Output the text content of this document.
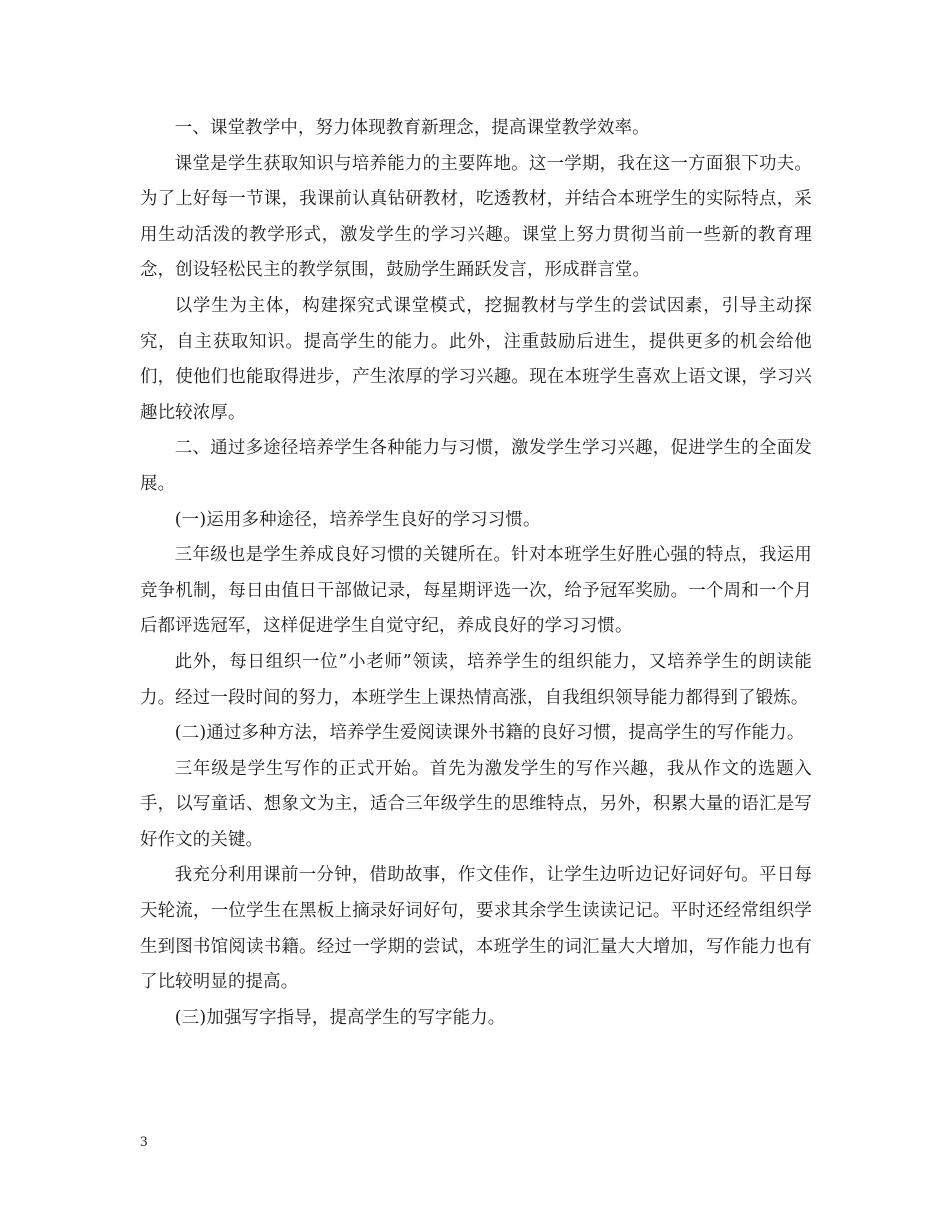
一、课堂教学中，努力体现教育新理念，提高课堂教学效率。

课堂是学生获取知识与培养能力的主要阵地。这一学期，我在这一方面狠下功夫。为了上好每一节课，我课前认真钻研教材，吃透教材，并结合本班学生的实际特点，采用生动活泼的教学形式，激发学生的学习兴趣。课堂上努力贯彻当前一些新的教育理念，创设轻松民主的教学氛围，鼓励学生踊跃发言，形成群言堂。

以学生为主体，构建探究式课堂模式，挖掘教材与学生的尝试因素，引导主动探究，自主获取知识。提高学生的能力。此外，注重鼓励后进生，提供更多的机会给他们，使他们也能取得进步，产生浓厚的学习兴趣。现在本班学生喜欢上语文课，学习兴趣比较浓厚。

二、通过多途径培养学生各种能力与习惯，激发学生学习兴趣，促进学生的全面发展。

(一)运用多种途径，培养学生良好的学习习惯。

三年级也是学生养成良好习惯的关键所在。针对本班学生好胜心强的特点，我运用竞争机制，每日由值日干部做记录，每星期评选一次，给予冠军奖励。一个周和一个月后都评选冠军，这样促进学生自觉守纪，养成良好的学习习惯。

此外，每日组织一位”小老师”领读，培养学生的组织能力，又培养学生的朗读能力。经过一段时间的努力，本班学生上课热情高涨，自我组织领导能力都得到了锻炼。

(二)通过多种方法，培养学生爱阅读课外书籍的良好习惯，提高学生的写作能力。

三年级是学生写作的正式开始。首先为激发学生的写作兴趣，我从作文的选题入手，以写童话、想象文为主，适合三年级学生的思维特点，另外，积累大量的语汇是写好作文的关键。

我充分利用课前一分钟，借助故事，作文佳作，让学生边听边记好词好句。平日每天轮流，一位学生在黑板上摘录好词好句，要求其余学生读读记记。平时还经常组织学生到图书馆阅读书籍。经过一学期的尝试，本班学生的词汇量大大增加，写作能力也有了比较明显的提高。

(三)加强写字指导，提高学生的写字能力。

3
